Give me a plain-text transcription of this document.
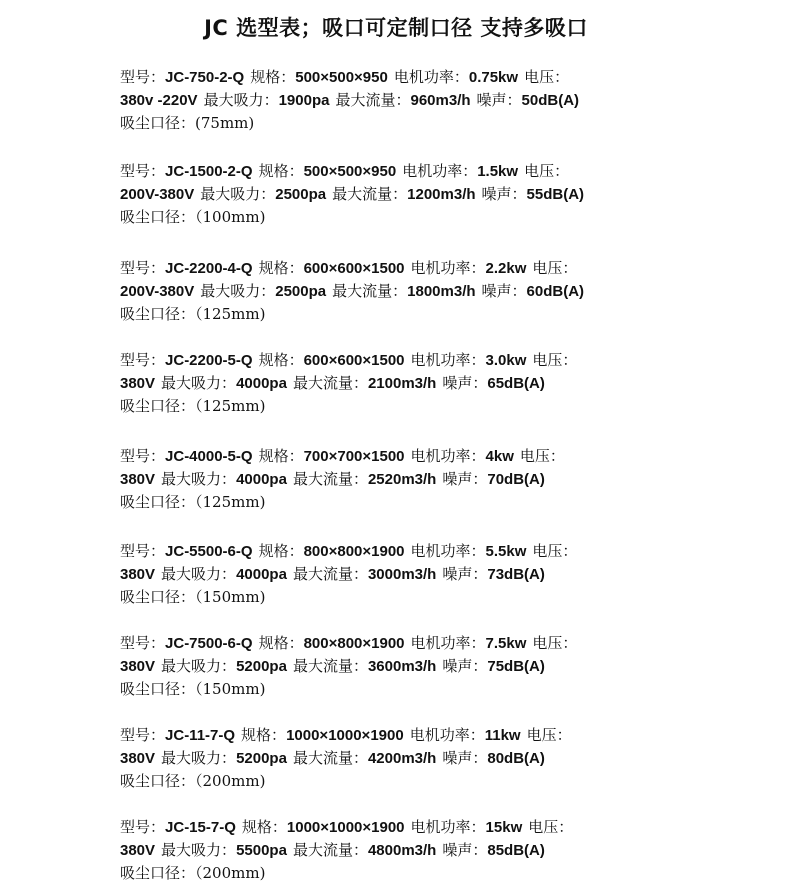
JC 选型表；吸口可定制口径 支持多吸口
型号：JC-750-2-Q 规格：500×500×950 电机功率：0.75kw 电压：
380v -220V 最大吸力：1900pa 最大流量：960m3/h 噪声：50dB(A)
吸尘口径：(75mm)
型号：JC-1500-2-Q 规格：500×500×950 电机功率：1.5kw 电压：
200V-380V 最大吸力：2500pa 最大流量：1200m3/h 噪声：55dB(A)
吸尘口径：（100mm)
型号：JC-2200-4-Q 规格：600×600×1500 电机功率：2.2kw 电压：
200V-380V 最大吸力：2500pa 最大流量：1800m3/h 噪声：60dB(A)
吸尘口径：（125mm)
型号：JC-2200-5-Q 规格：600×600×1500 电机功率：3.0kw 电压：
380V 最大吸力：4000pa 最大流量：2100m3/h 噪声：65dB(A)
吸尘口径：（125mm)
型号：JC-4000-5-Q 规格：700×700×1500 电机功率：4kw 电压：
380V 最大吸力：4000pa 最大流量：2520m3/h 噪声：70dB(A)
吸尘口径：（125mm)
型号：JC-5500-6-Q 规格：800×800×1900 电机功率：5.5kw 电压：
380V 最大吸力：4000pa 最大流量：3000m3/h 噪声：73dB(A)
吸尘口径：（150mm)
型号：JC-7500-6-Q 规格：800×800×1900 电机功率：7.5kw 电压：
380V 最大吸力：5200pa 最大流量：3600m3/h 噪声：75dB(A)
吸尘口径：（150mm)
型号：JC-11-7-Q 规格：1000×1000×1900 电机功率：11kw 电压：
380V 最大吸力：5200pa 最大流量：4200m3/h 噪声：80dB(A)
吸尘口径：（200mm)
型号：JC-15-7-Q 规格：1000×1000×1900 电机功率：15kw 电压：
380V 最大吸力：5500pa 最大流量：4800m3/h 噪声：85dB(A)
吸尘口径：（200mm)
